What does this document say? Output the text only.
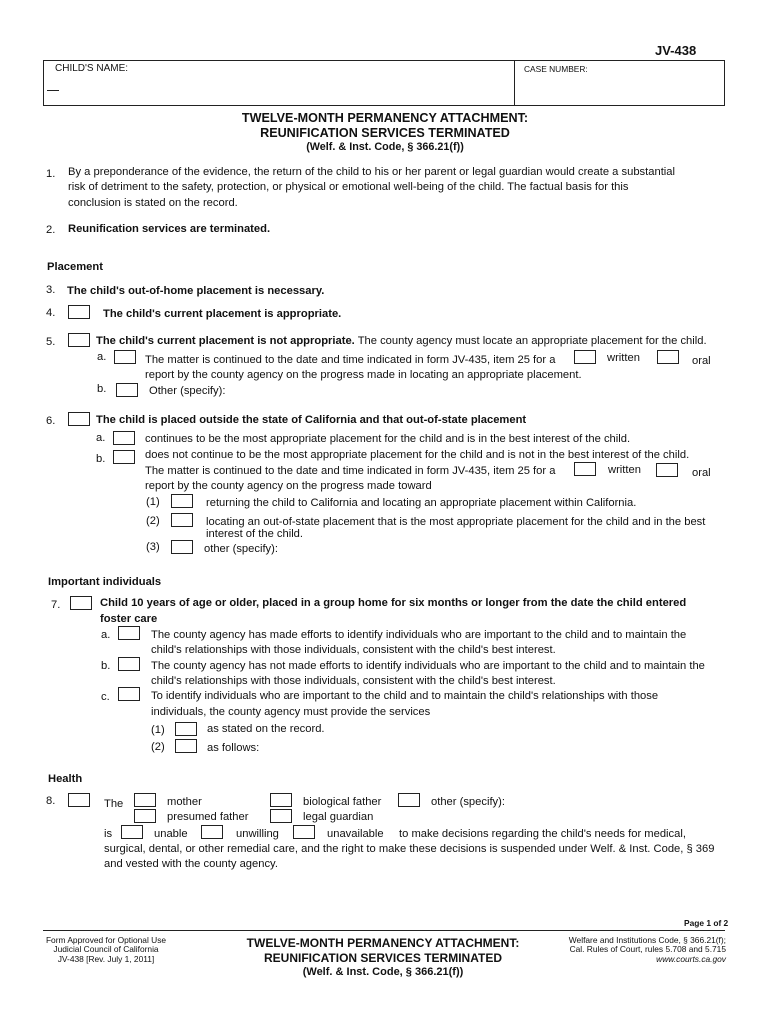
JV-438
CHILD'S NAME:	CASE NUMBER:
TWELVE-MONTH PERMANENCY ATTACHMENT:
REUNIFICATION SERVICES TERMINATED
(Welf. & Inst. Code, § 366.21(f))
1. By a preponderance of the evidence, the return of the child to his or her parent or legal guardian would create a substantial
risk of detriment to the safety, protection, or physical or emotional well-being of the child. The factual basis for this
conclusion is stated on the record.
2. Reunification services are terminated.
Placement
3. The child's out-of-home placement is necessary.
4.	The child's current placement is appropriate.
5.	The child's current placement is not appropriate. The county agency must locate an appropriate placement for the child.
a.	The matter is continued to the date and time indicated in form JV-435, item 25 for a	written	oral
report by the county agency on the progress made in locating an appropriate placement.
b.	Other (specify):
6.	The child is placed outside the state of California and that out-of-state placement
a.	continues to be the most appropriate placement for the child and is in the best interest of the child.
b.	does not continue to be the most appropriate placement for the child and is not in the best interest of the child.
The matter is continued to the date and time indicated in form JV-435, item 25 for a	written	oral
report by the county agency on the progress made toward
(1)	returning the child to California and locating an appropriate placement within California.
(2)	locating an out-of-state placement that is the most appropriate placement for the child and in the best
interest of the child.
(3)	other (specify):
Important individuals
7.	Child 10 years of age or older, placed in a group home for six months or longer from the date the child entered
foster care
a.	The county agency has made efforts to identify individuals who are important to the child and to maintain the
child's relationships with those individuals, consistent with the child's best interest.
b.	The county agency has not made efforts to identify individuals who are important to the child and to maintain the
child's relationships with those individuals, consistent with the child's best interest.
c.	To identify individuals who are important to the child and to maintain the child's relationships with those
individuals, the county agency must provide the services
(1)	as stated on the record.
(2)	as follows:
Health
8.	The	mother	biological father	other (specify):
presumed father	legal guardian
is	unable	unwilling	unavailable to make decisions regarding the child's needs for medical,
surgical, dental, or other remedial care, and the right to make these decisions is suspended under Welf. & Inst. Code, § 369
and vested with the county agency.
Page 1 of 2
Form Approved for Optional Use
Judicial Council of California
JV-438 [Rev. July 1, 2011]
TWELVE-MONTH PERMANENCY ATTACHMENT:
REUNIFICATION SERVICES TERMINATED
(Welf. & Inst. Code, § 366.21(f))
Welfare and Institutions Code, § 366.21(f);
Cal. Rules of Court, rules 5.708 and 5.715
www.courts.ca.gov
